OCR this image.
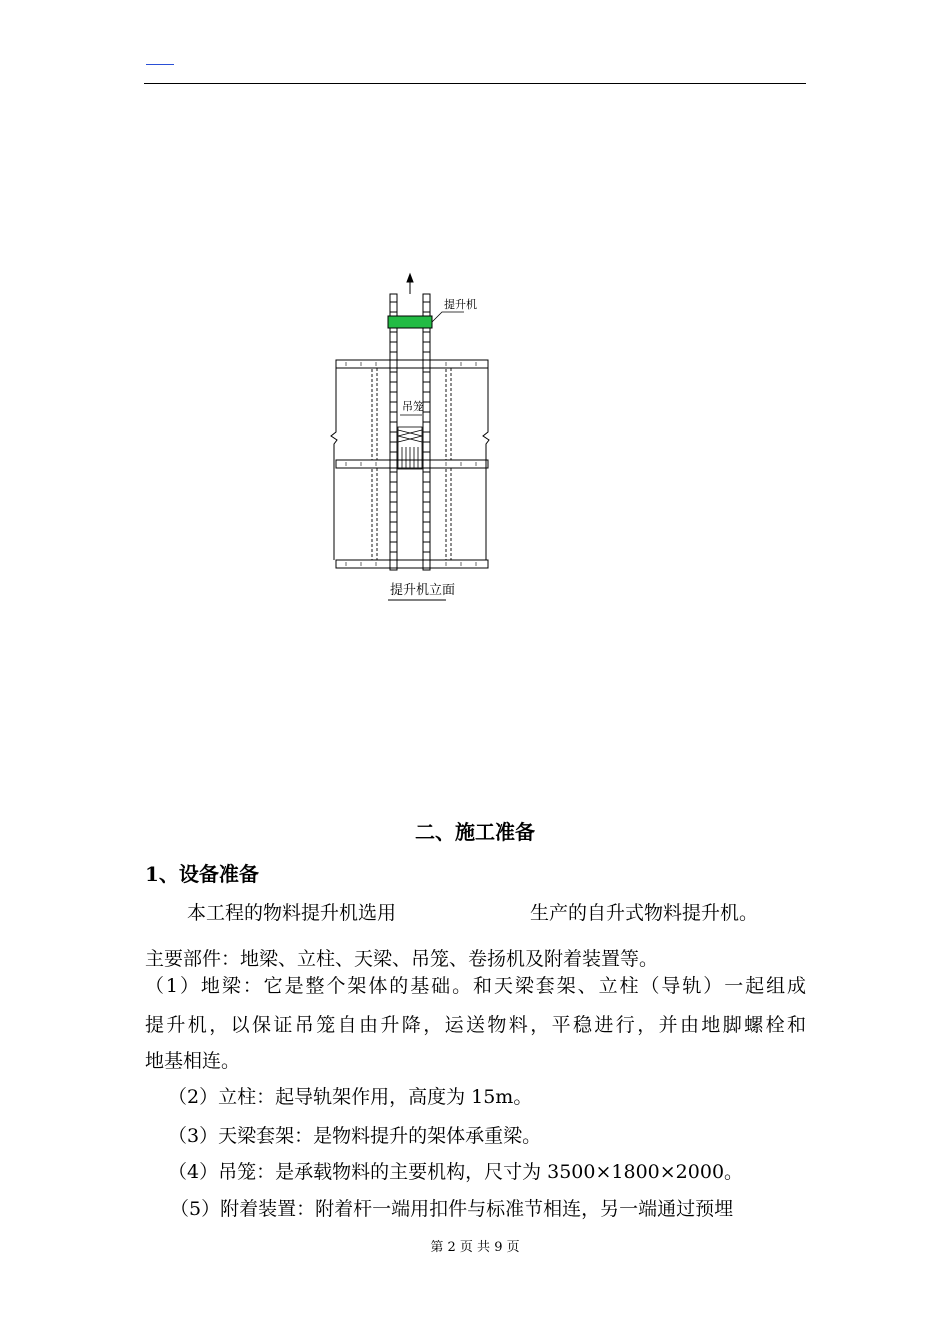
提升机
吊笼
提升机立面
二、施工准备
1、设备准备
本工程的物料提升机选用	生产的自升式物料提升机。
主要部件：地梁、立柱、天梁、吊笼、卷扬机及附着装置等。
（1）地梁：它是整个架体的基础。和天梁套架、立柱（导轨）一起组成
提升机，以保证吊笼自由升降，运送物料，平稳进行，并由地脚螺栓和
地基相连。
（2）立柱：起导轨架作用，高度为 15m。
（3）天梁套架：是物料提升的架体承重梁。
（4）吊笼：是承载物料的主要机构，尺寸为 3500×1800×2000。
（5）附着装置：附着杆一端用扣件与标准节相连，另一端通过预埋
第 2 页 共 9 页
